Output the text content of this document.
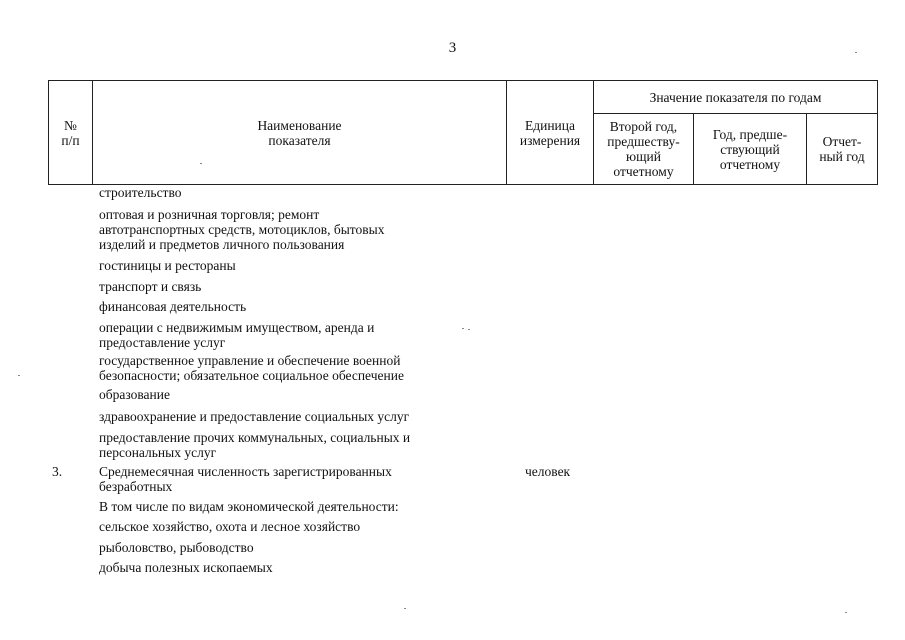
3
№
п/п
Наименование
показателя
Единица
измерения
Значение показателя по годам
Второй год,
предшеству-
ющий
отчетному
Год, предше-
ствующий
отчетному
Отчет-
ный год
строительство
оптовая и розничная торговля; ремонт
автотранспортных средств, мотоциклов, бытовых
изделий и предметов личного пользования
гостиницы и рестораны
транспорт и связь
финансовая деятельность
операции с недвижимым имуществом, аренда и
предоставление услуг
государственное управление и обеспечение военной
безопасности; обязательное социальное обеспечение
образование
здравоохранение и предоставление социальных услуг
предоставление прочих коммунальных, социальных и
персональных услуг
3.	Среднемесячная численность зарегистрированных
безработных
человек
В том числе по видам экономической деятельности:
сельское хозяйство, охота и лесное хозяйство
рыболовство, рыбоводство
добыча полезных ископаемых
